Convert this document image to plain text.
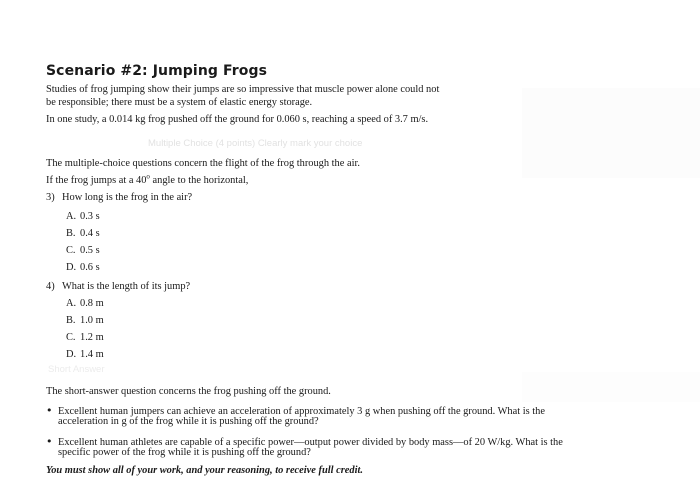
Scenario #2: Jumping Frogs

Studies of frog jumping show their jumps are so impressive that muscle power alone could not

be responsible; there must be a system of elastic energy storage.

In one study, a 0.014 kg frog pushed off the ground for 0.060 s, reaching a speed of 3.7 m/s.

Multiple Choice (4 points) Clearly mark your choice

The multiple-choice questions concern the flight of the frog through the air.

If the frog jumps at a 40$^o$ angle to the horizontal,

3) How long is the frog in the air?

A. 0.3 s

B. 0.4 s

C. 0.5 s

D. 0.6 s

4) What is the length of its jump?

A. 0.8 m

B. 1.0 m

C. 1.2 m

D. 1.4 m

Short Answer

The short-answer question concerns the frog pushing off the ground.

• Excellent human jumpers can achieve an acceleration of approximately 3 g when pushing off the ground. What is the

acceleration in g of the frog while it is pushing off the ground?

• Excellent human athletes are capable of a specific power—output power divided by body mass—of 20 W/kg. What is the

specific power of the frog while it is pushing off the ground?

You must show all of your work, and your reasoning, to receive full credit.
